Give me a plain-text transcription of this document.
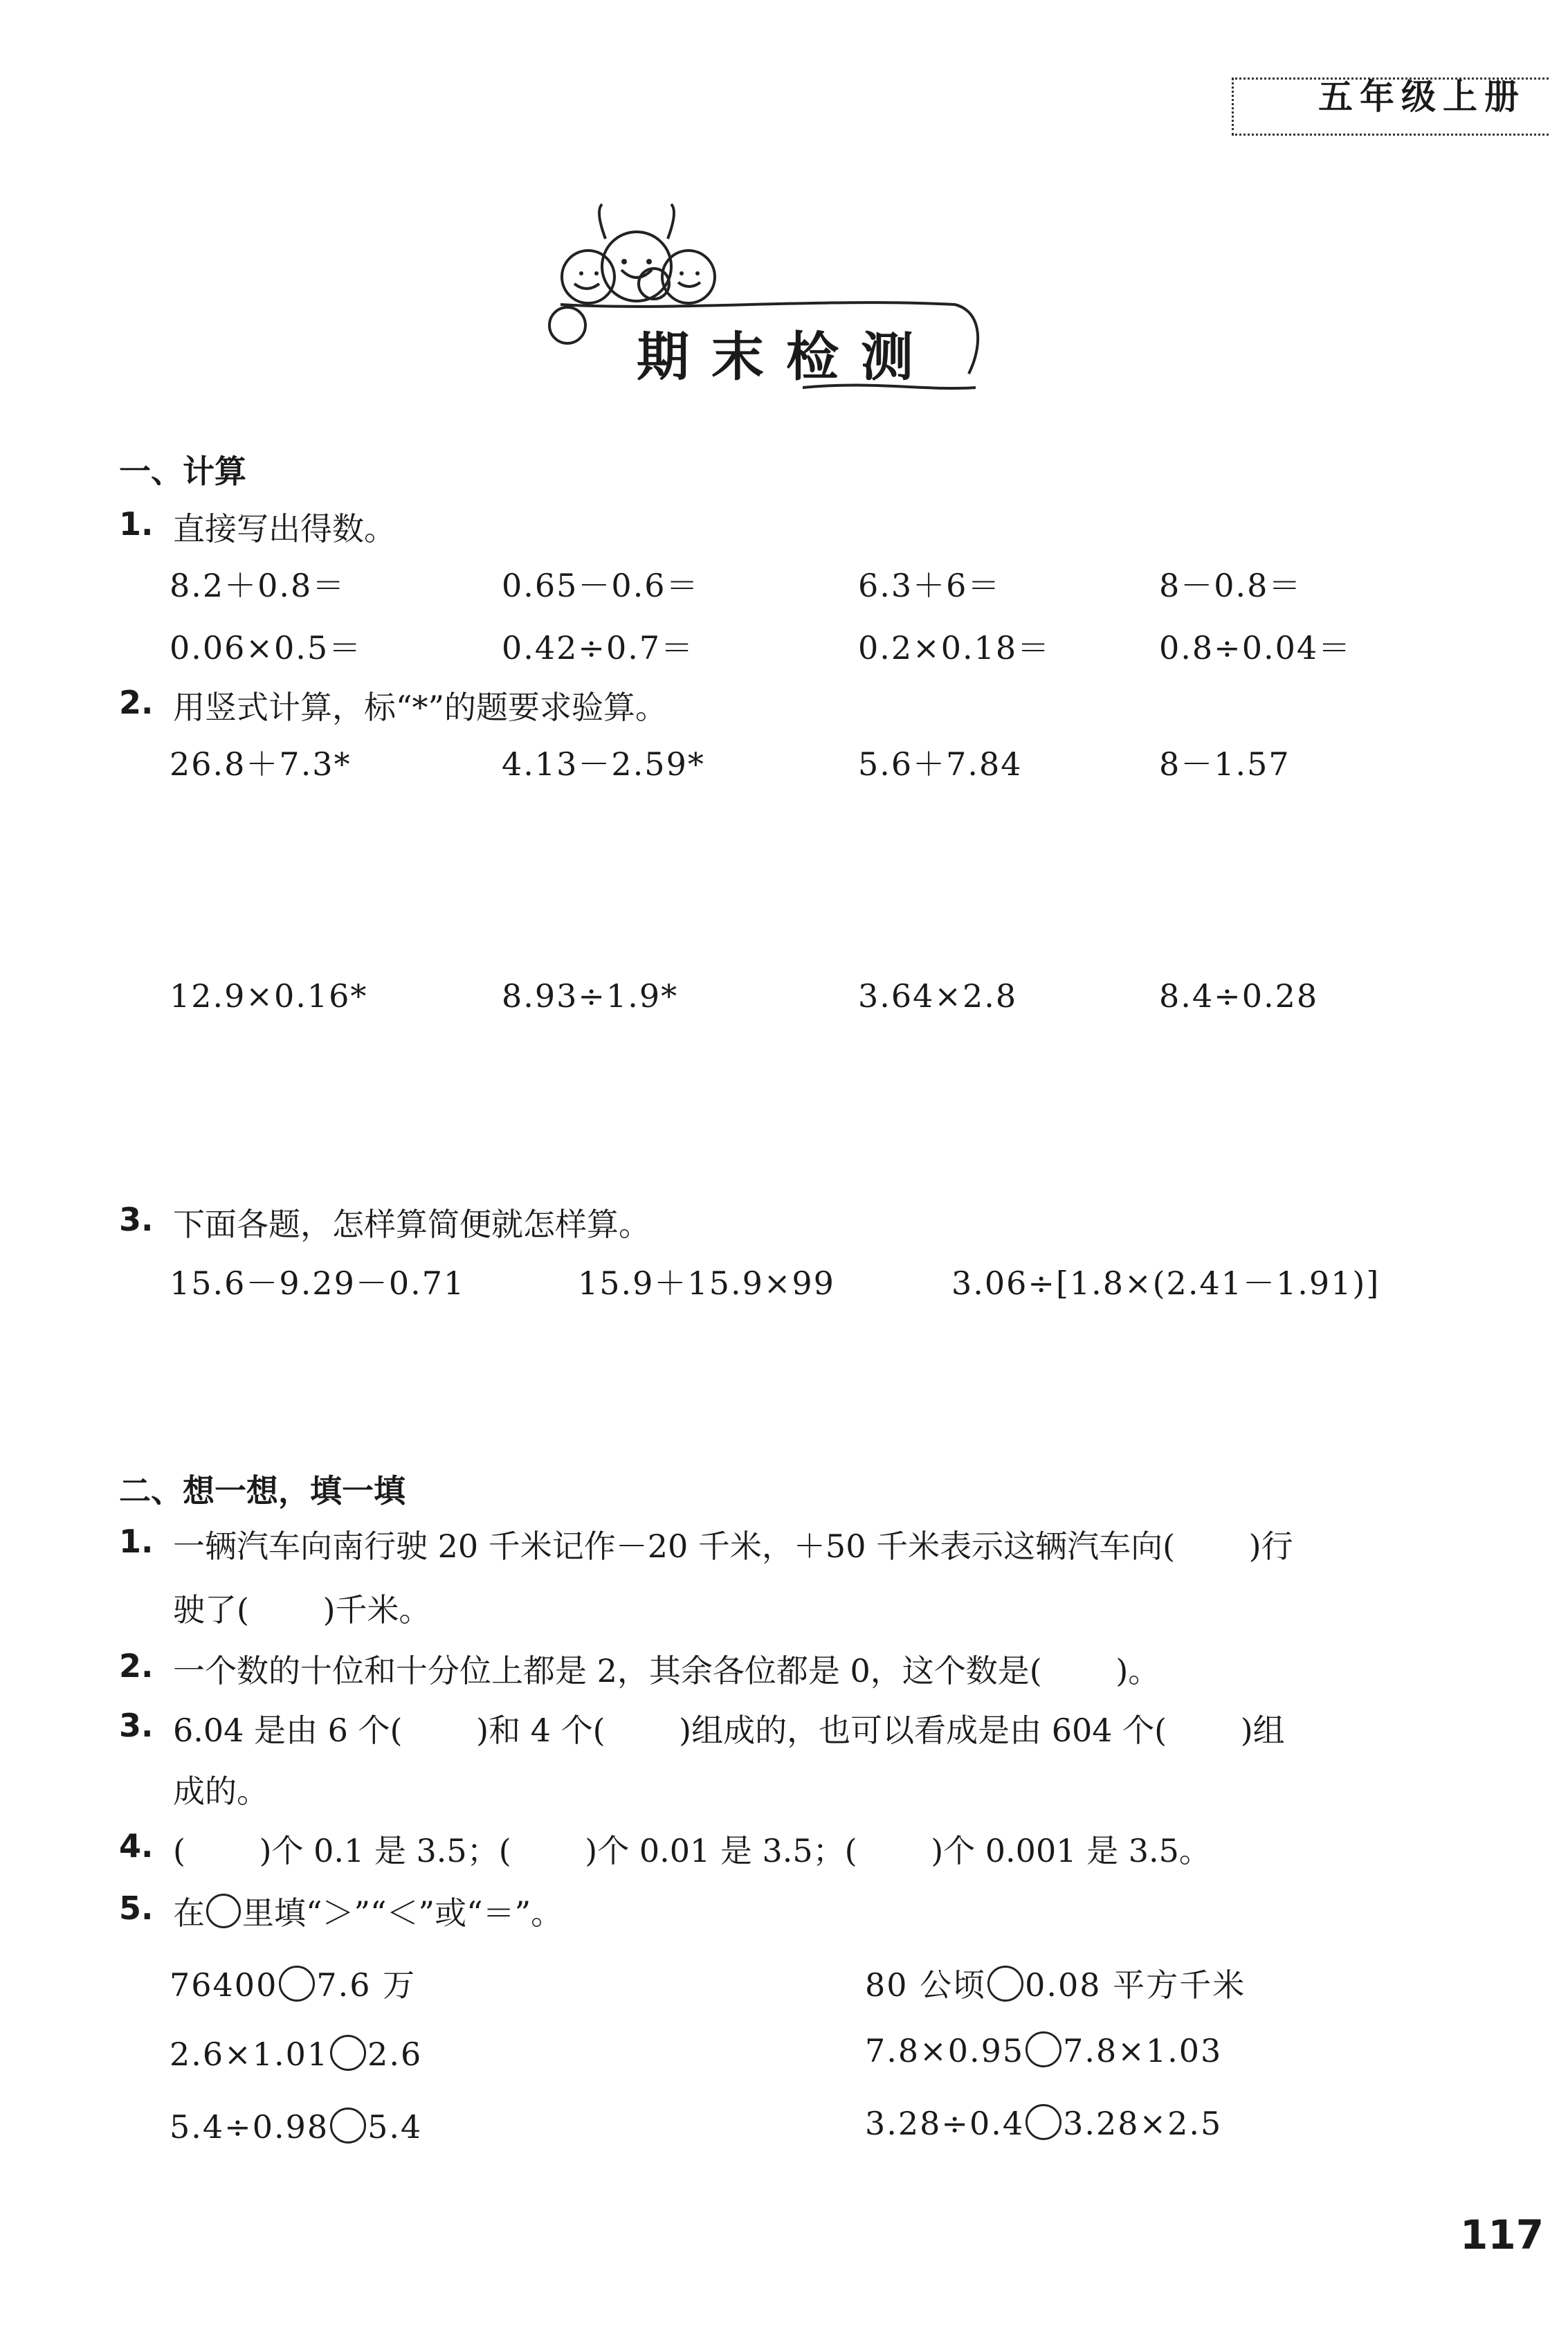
五年级上册
期末检测
一、计算
1. 直接写出得数。
8.2＋0.8＝	0.65－0.6＝	6.3＋6＝	8－0.8＝
0.06×0.5＝	0.42÷0.7＝	0.2×0.18＝	0.8÷0.04＝
2. 用竖式计算，标“*”的题要求验算。
26.8＋7.3*	4.13－2.59*	5.6＋7.84	8－1.57
12.9×0.16*	8.93÷1.9*	3.64×2.8	8.4÷0.28
3. 下面各题，怎样算简便就怎样算。
15.6－9.29－0.71	15.9＋15.9×99	3.06÷[1.8×(2.41－1.91)]
二、想一想，填一填
1. 一辆汽车向南行驶 20 千米记作－20 千米，＋50 千米表示这辆汽车向(　　 )行
驶了(　　 )千米。
2. 一个数的十位和十分位上都是 2，其余各位都是 0，这个数是(　　 )。
3. 6.04 是由 6 个(　　 )和 4 个(　　 )组成的，也可以看成是由 604 个(　　 )组
成的。
4. (　　 )个 0.1 是 3.5；(　　 )个 0.01 是 3.5；(　　 )个 0.001 是 3.5。
5. 在 里填“＞”“＜”或“＝”。
76400 7.6 万	80 公顷 0.08 平方千米
2.6×1.01 2.6	7.8×0.95 7.8×1.03
5.4÷0.98 5.4	3.28÷0.4 3.28×2.5
117
